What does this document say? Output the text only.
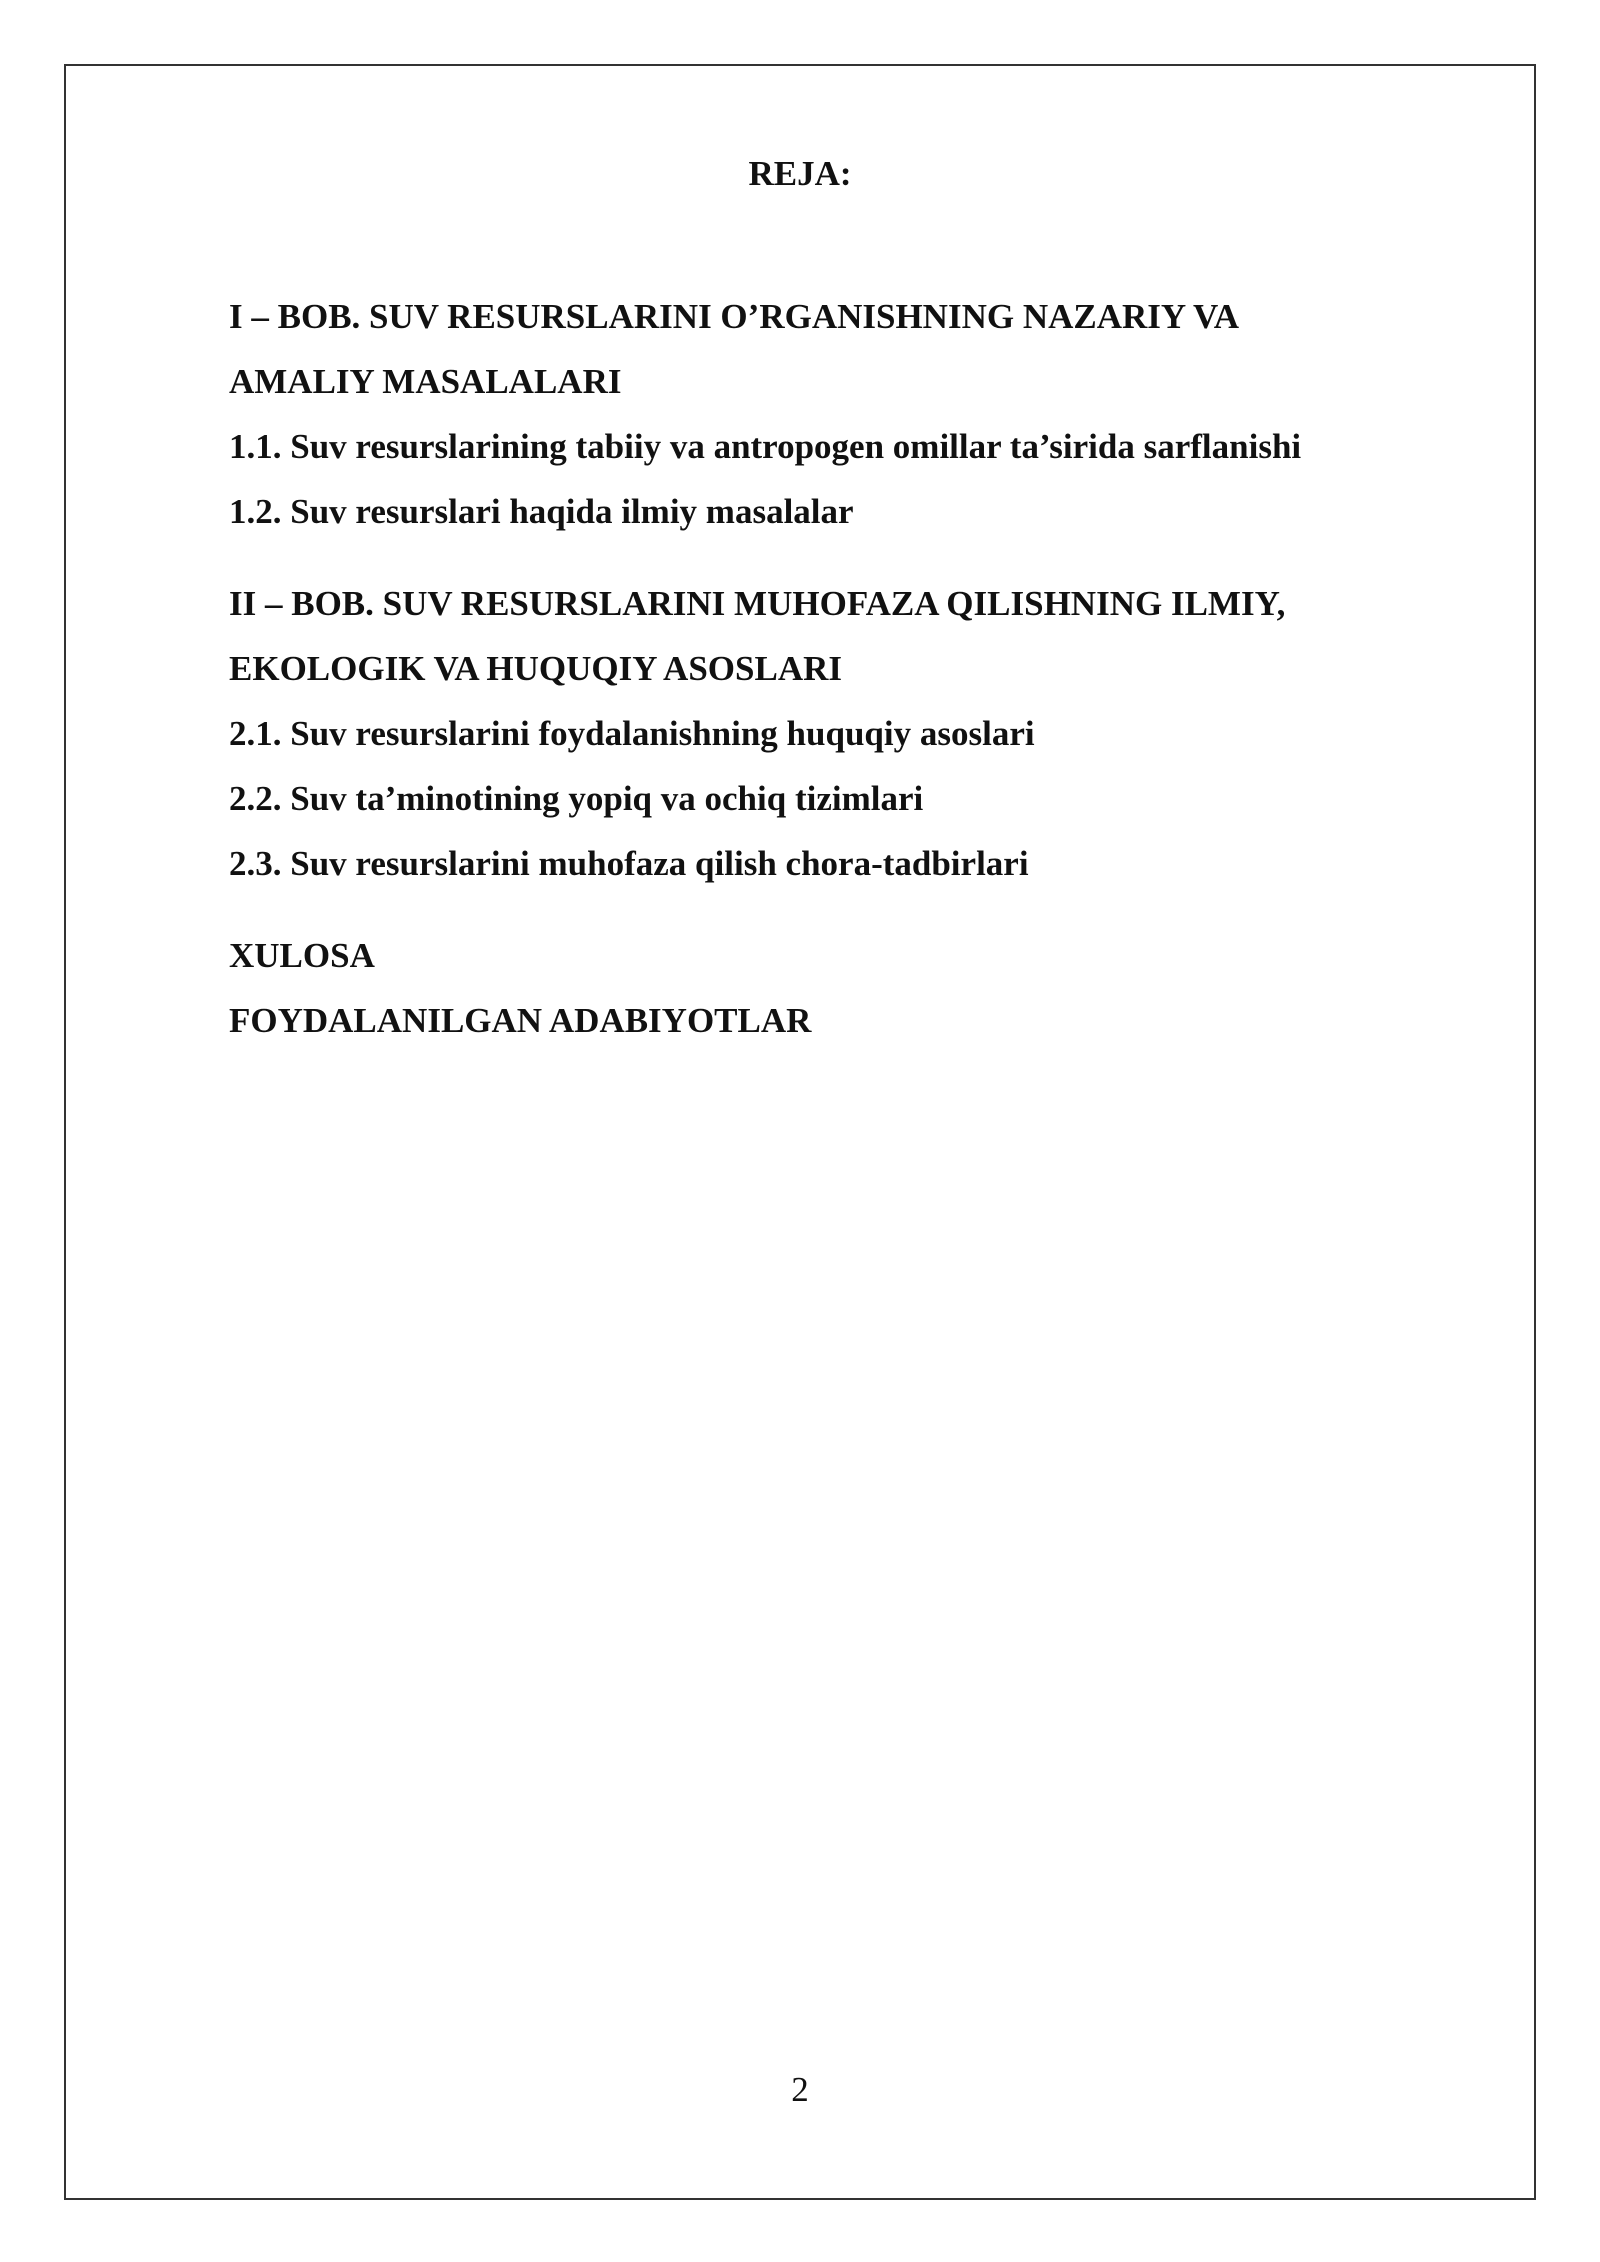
REJA:
I – BOB. SUV RESURSLARINI O’RGANISHNING NAZARIY VA
AMALIY MASALALARI
1.1. Suv resurslarining tabiiy va antropogen omillar ta’sirida sarflanishi
1.2. Suv resurslari haqida ilmiy masalalar
II – BOB. SUV RESURSLARINI MUHOFAZA QILISHNING ILMIY,
EKOLOGIK VA HUQUQIY ASOSLARI
2.1. Suv resurslarini foydalanishning huquqiy asoslari
2.2. Suv ta’minotining yopiq va ochiq tizimlari
2.3. Suv resurslarini muhofaza qilish chora-tadbirlari
XULOSA
FOYDALANILGAN ADABIYOTLAR
2
